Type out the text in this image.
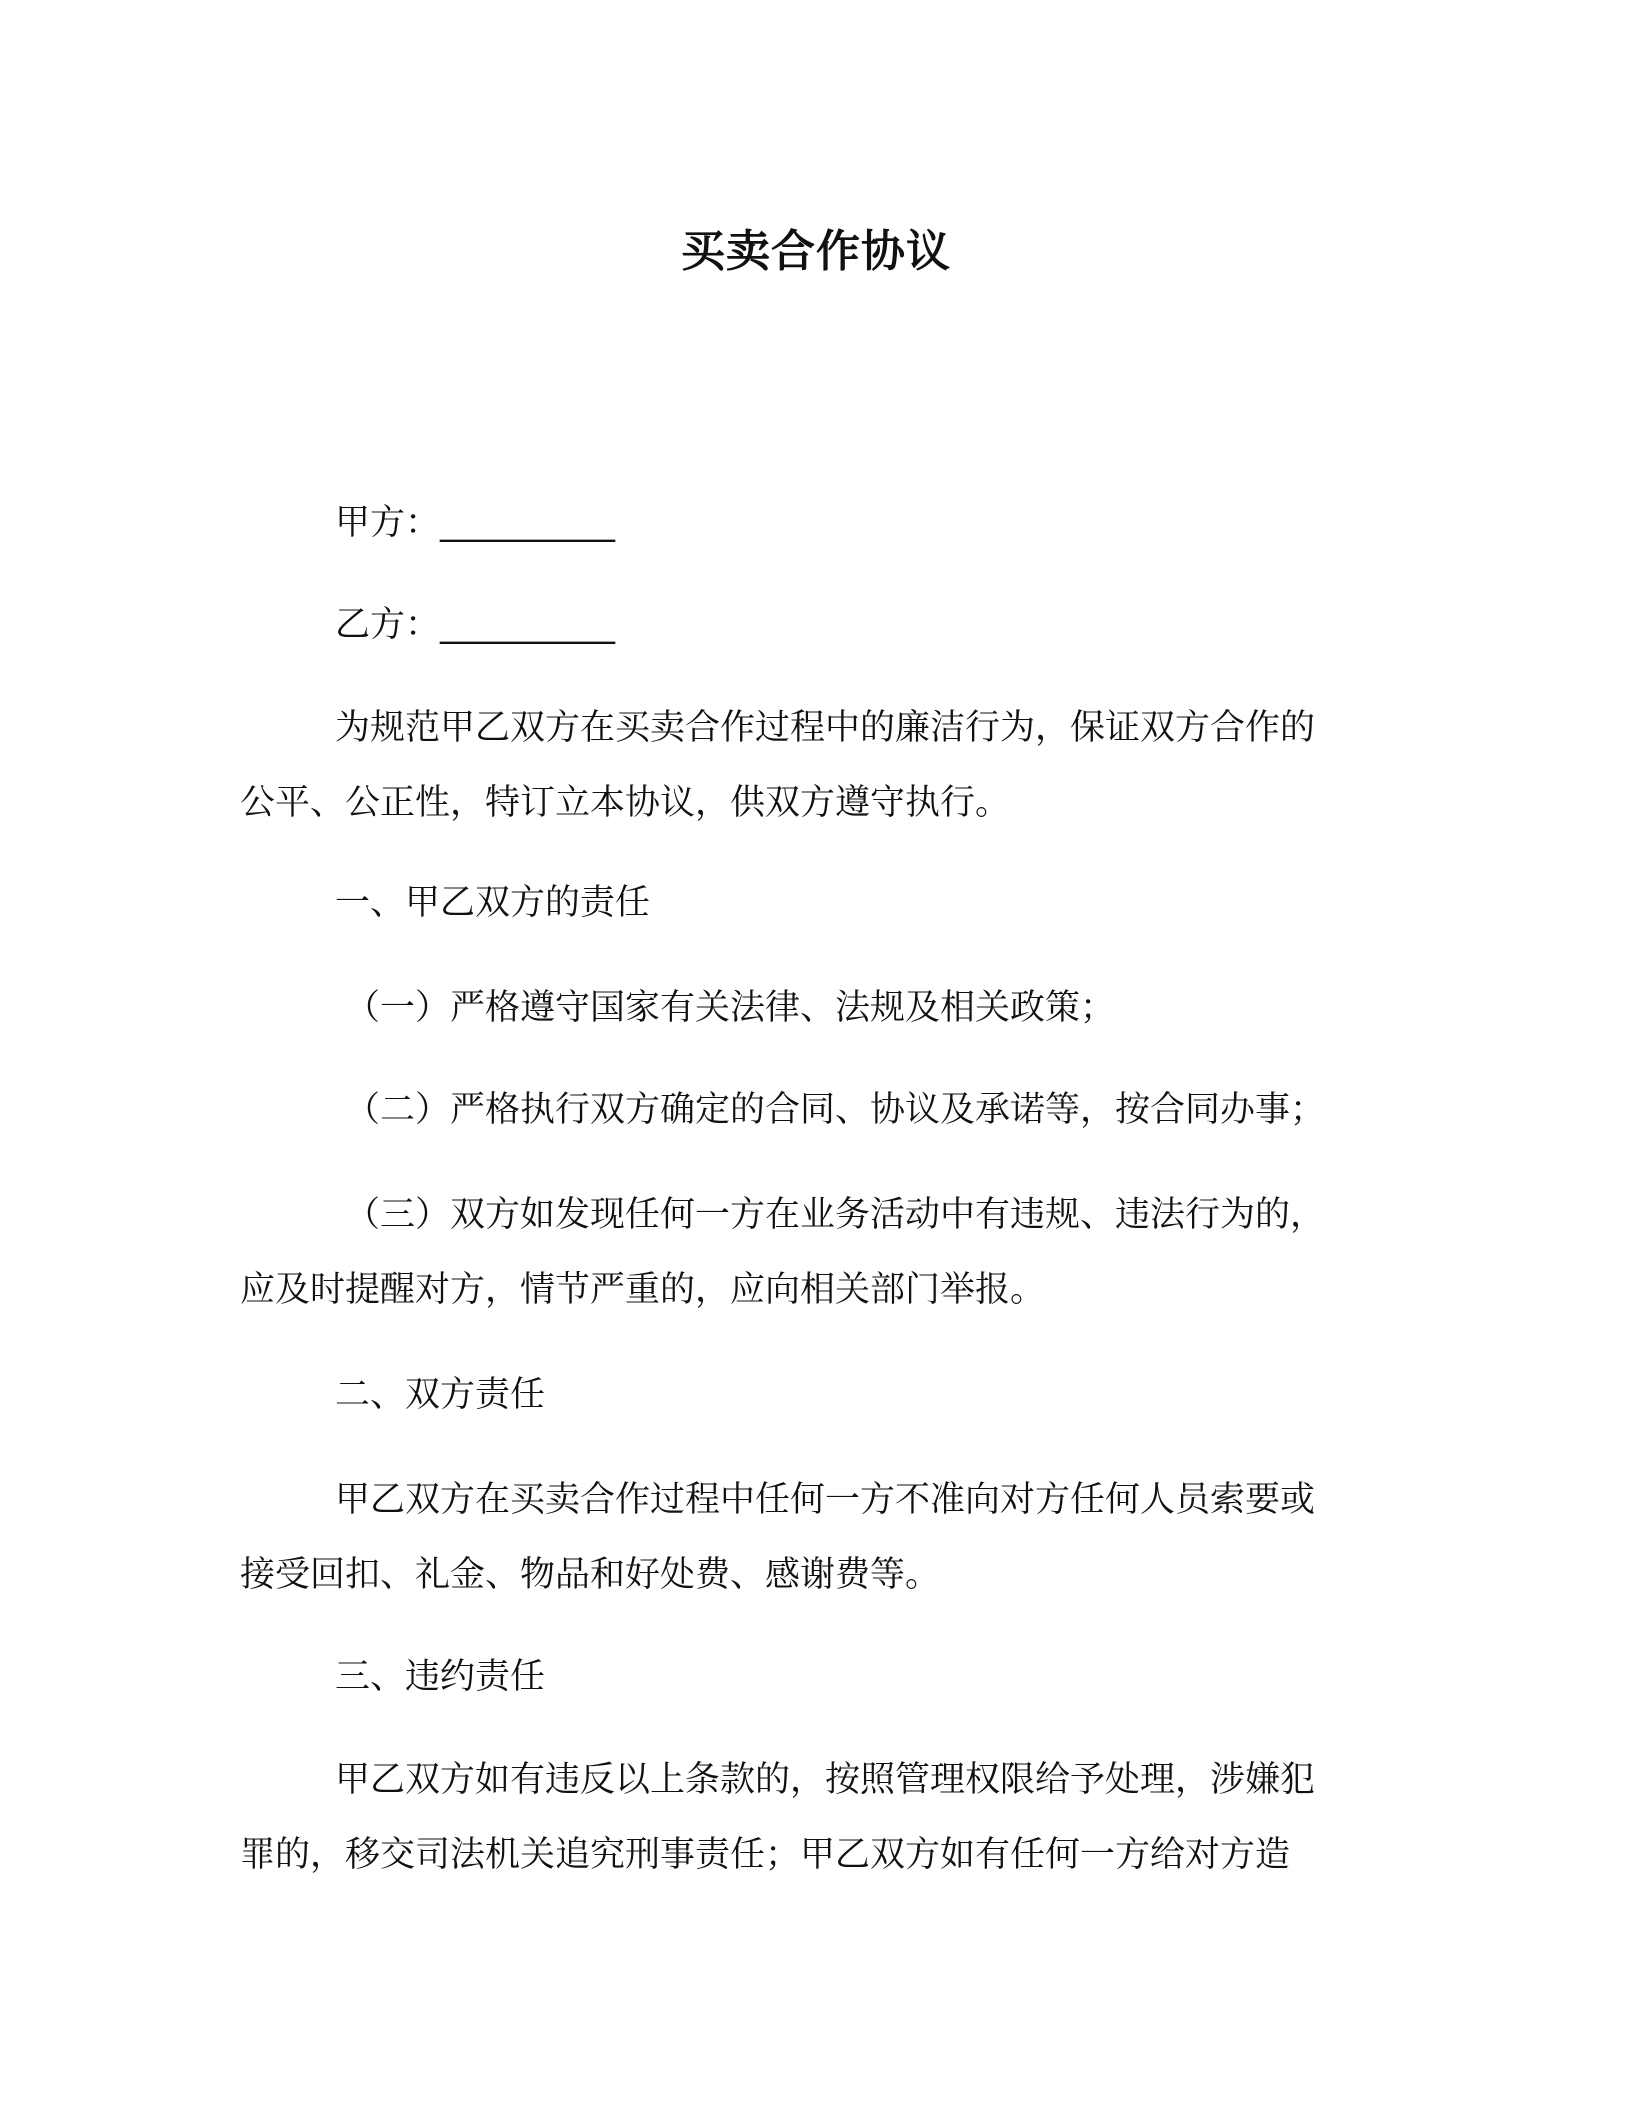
买卖合作协议
甲方：__________
乙方：__________
为规范甲乙双方在买卖合作过程中的廉洁行为，保证双方合作的
公平、公正性，特订立本协议，供双方遵守执行。
一、甲乙双方的责任
（一）严格遵守国家有关法律、法规及相关政策；
（二）严格执行双方确定的合同、协议及承诺等，按合同办事；
（三）双方如发现任何一方在业务活动中有违规、违法行为的，
应及时提醒对方，情节严重的，应向相关部门举报。
二、双方责任
甲乙双方在买卖合作过程中任何一方不准向对方任何人员索要或
接受回扣、礼金、物品和好处费、感谢费等。
三、违约责任
甲乙双方如有违反以上条款的，按照管理权限给予处理，涉嫌犯
罪的，移交司法机关追究刑事责任；甲乙双方如有任何一方给对方造
